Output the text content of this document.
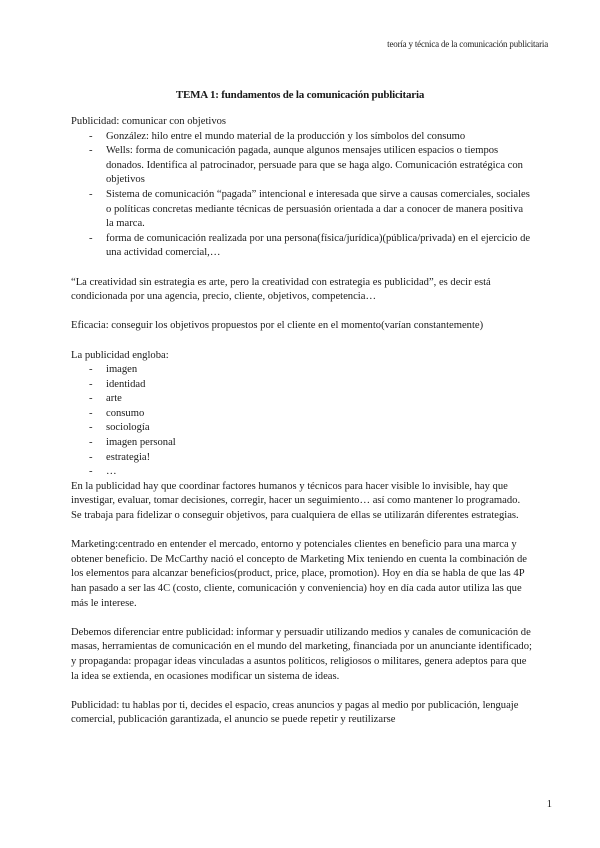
teoría y técnica de la comunicación publicitaria
TEMA 1: fundamentos de la comunicación publicitaria

Publicidad: comunicar con objetivos

- González: hilo entre el mundo material de la producción y los símbolos del consumo
- Wells: forma de comunicación pagada, aunque algunos mensajes utilicen espacios o tiempos donados. Identifica al patrocinador, persuade para que se haga algo. Comunicación estratégica con objetivos
- Sistema de comunicación “pagada” intencional e interesada que sirve a causas comerciales, sociales o políticas concretas mediante técnicas de persuasión orientada a dar a conocer de manera positiva la marca.
- forma de comunicación realizada por una persona(física/jurídica)(pública/privada) en el ejercicio de una actividad comercial,…

“La creatividad sin estrategia es arte, pero la creatividad con estrategia es publicidad”, es decir está condicionada por una agencia, precio, cliente, objetivos, competencia…

Eficacia: conseguir los objetivos propuestos por el cliente en el momento(varían constantemente)

La publicidad engloba:

- imagen
- identidad
- arte
- consumo
- sociología
- imagen personal
- estrategia!
- …

En la publicidad hay que coordinar factores humanos y técnicos para hacer visible lo invisible, hay que investigar, evaluar, tomar decisiones, corregir, hacer un seguimiento… así como mantener lo programado. Se trabaja para fidelizar o conseguir objetivos, para cualquiera de ellas se utilizarán diferentes estrategias.

Marketing:centrado en entender el mercado, entorno y potenciales clientes en beneficio para una marca y obtener beneficio. De McCarthy nació el concepto de Marketing Mix teniendo en cuenta la combinación de los elementos para alcanzar beneficios(product, price, place, promotion). Hoy en día se habla de que las 4P han pasado a ser las 4C (costo, cliente, comunicación y conveniencia) hoy en día cada autor utiliza las que más le interese.

Debemos diferenciar entre publicidad: informar y persuadir utilizando medios y canales de comunicación de masas, herramientas de comunicación en el mundo del marketing, financiada por un anunciante identificado; y propaganda: propagar ideas vinculadas a asuntos políticos, religiosos o militares, genera adeptos para que la idea se extienda, en ocasiones modificar un sistema de ideas.

Publicidad: tu hablas por ti, decides el espacio, creas anuncios y pagas al medio por publicación, lenguaje comercial, publicación garantizada, el anuncio se puede repetir y reutilizarse

1
